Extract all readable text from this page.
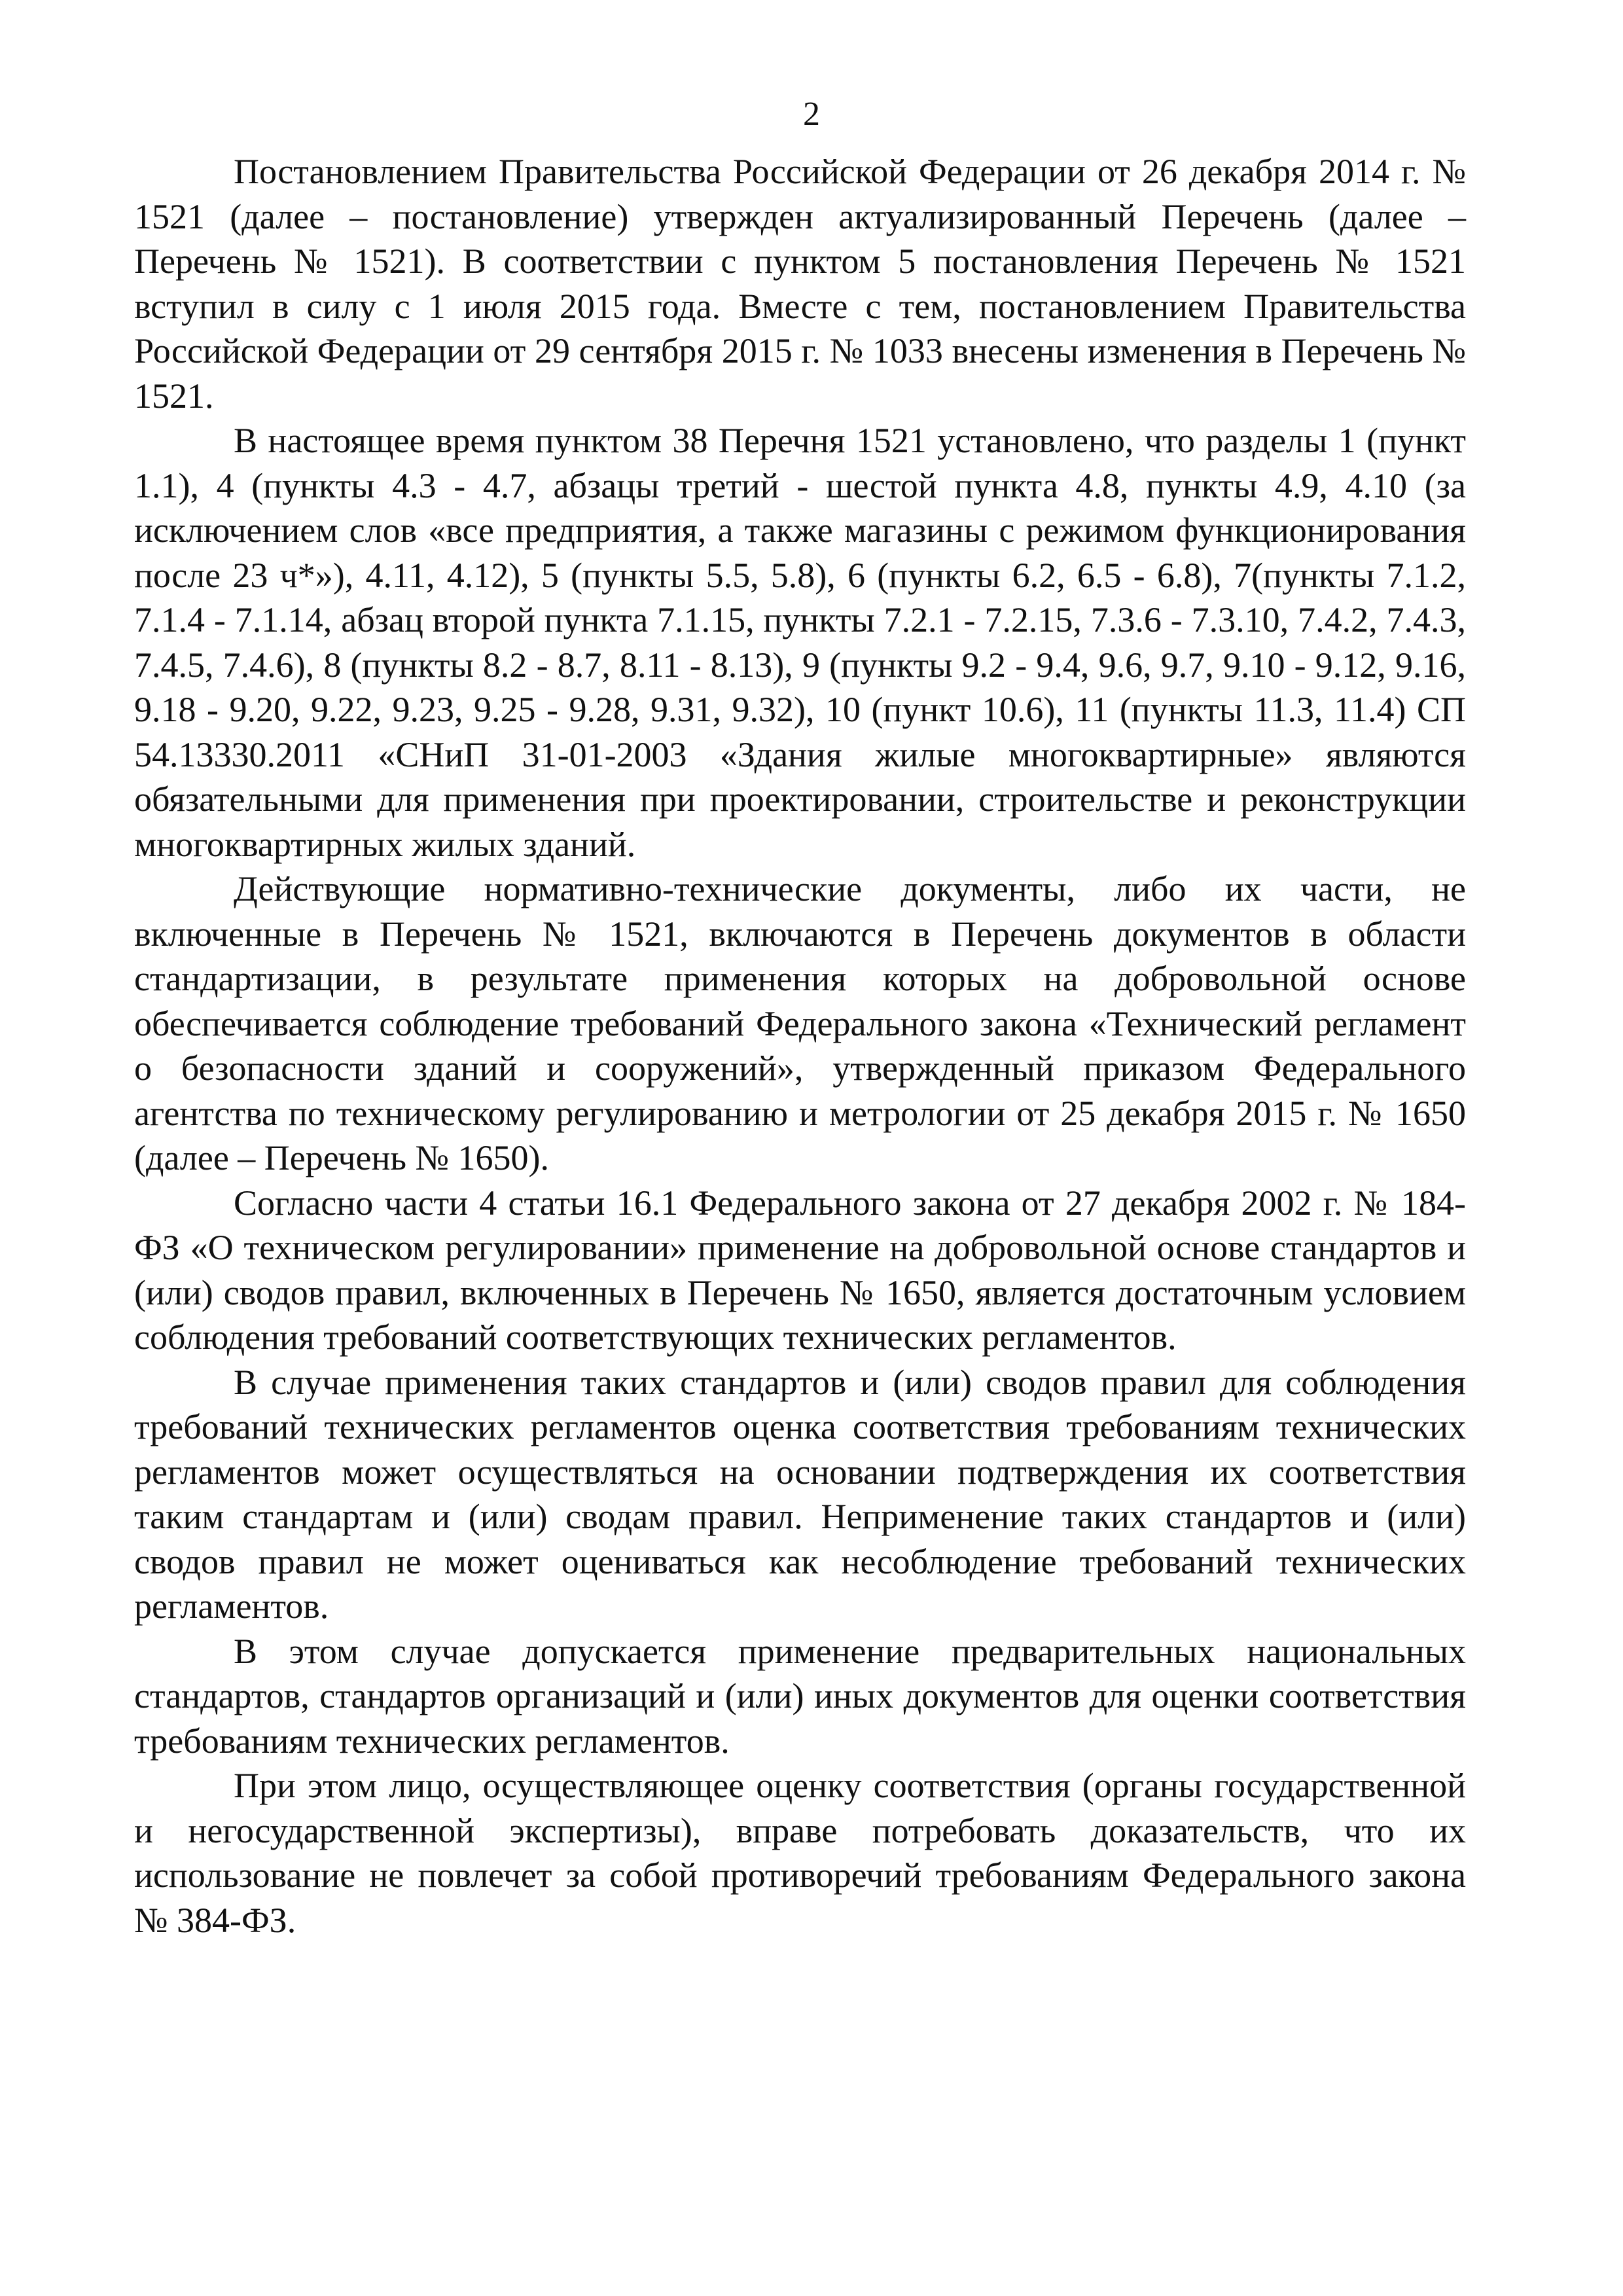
2

Постановлением Правительства Российской Федерации от 26 декабря 2014 г. № 1521 (далее – постановление) утвержден актуализированный Перечень (далее – Перечень № 1521). В соответствии с пунктом 5 постановления Перечень № 1521 вступил в силу с 1 июля 2015 года. Вместе с тем, постановлением Правительства Российской Федерации от 29 сентября 2015 г. № 1033 внесены изменения в Перечень № 1521.

В настоящее время пунктом 38 Перечня 1521 установлено, что разделы 1 (пункт 1.1), 4 (пункты 4.3 - 4.7, абзацы третий - шестой пункта 4.8, пункты 4.9, 4.10 (за исключением слов «все предприятия, а также магазины с режимом функционирования после 23 ч*»), 4.11, 4.12), 5 (пункты 5.5, 5.8), 6 (пункты 6.2, 6.5 - 6.8), 7(пункты 7.1.2, 7.1.4 - 7.1.14, абзац второй пункта 7.1.15, пункты 7.2.1 - 7.2.15, 7.3.6 - 7.3.10, 7.4.2, 7.4.3, 7.4.5, 7.4.6), 8 (пункты 8.2 - 8.7, 8.11 - 8.13), 9 (пункты 9.2 - 9.4, 9.6, 9.7, 9.10 - 9.12, 9.16, 9.18 - 9.20, 9.22, 9.23, 9.25 - 9.28, 9.31, 9.32), 10 (пункт 10.6), 11 (пункты 11.3, 11.4) СП 54.13330.2011 «СНиП 31-01-2003 «Здания жилые многоквартирные» являются обязательными для применения при проектировании, строительстве и реконструкции многоквартирных жилых зданий.

Действующие нормативно-технические документы, либо их части, не включенные в Перечень № 1521, включаются в Перечень документов в области стандартизации, в результате применения которых на добровольной основе обеспечивается соблюдение требований Федерального закона «Технический регламент о безопасности зданий и сооружений», утвержденный приказом Федерального агентства по техническому регулированию и метрологии от 25 декабря 2015 г. № 1650 (далее – Перечень № 1650).

Согласно части 4 статьи 16.1 Федерального закона от 27 декабря 2002 г. № 184-ФЗ «О техническом регулировании» применение на добровольной основе стандартов и (или) сводов правил, включенных в Перечень № 1650, является достаточным условием соблюдения требований соответствующих технических регламентов.

В случае применения таких стандартов и (или) сводов правил для соблюдения требований технических регламентов оценка соответствия требованиям технических регламентов может осуществляться на основании подтверждения их соответствия таким стандартам и (или) сводам правил. Неприменение таких стандартов и (или) сводов правил не может оцениваться как несоблюдение требований технических регламентов.

В этом случае допускается применение предварительных национальных стандартов, стандартов организаций и (или) иных документов для оценки соответствия требованиям технических регламентов.

При этом лицо, осуществляющее оценку соответствия (органы государственной и негосударственной экспертизы), вправе потребовать доказательств, что их использование не повлечет за собой противоречий требованиям Федерального закона № 384-ФЗ.
